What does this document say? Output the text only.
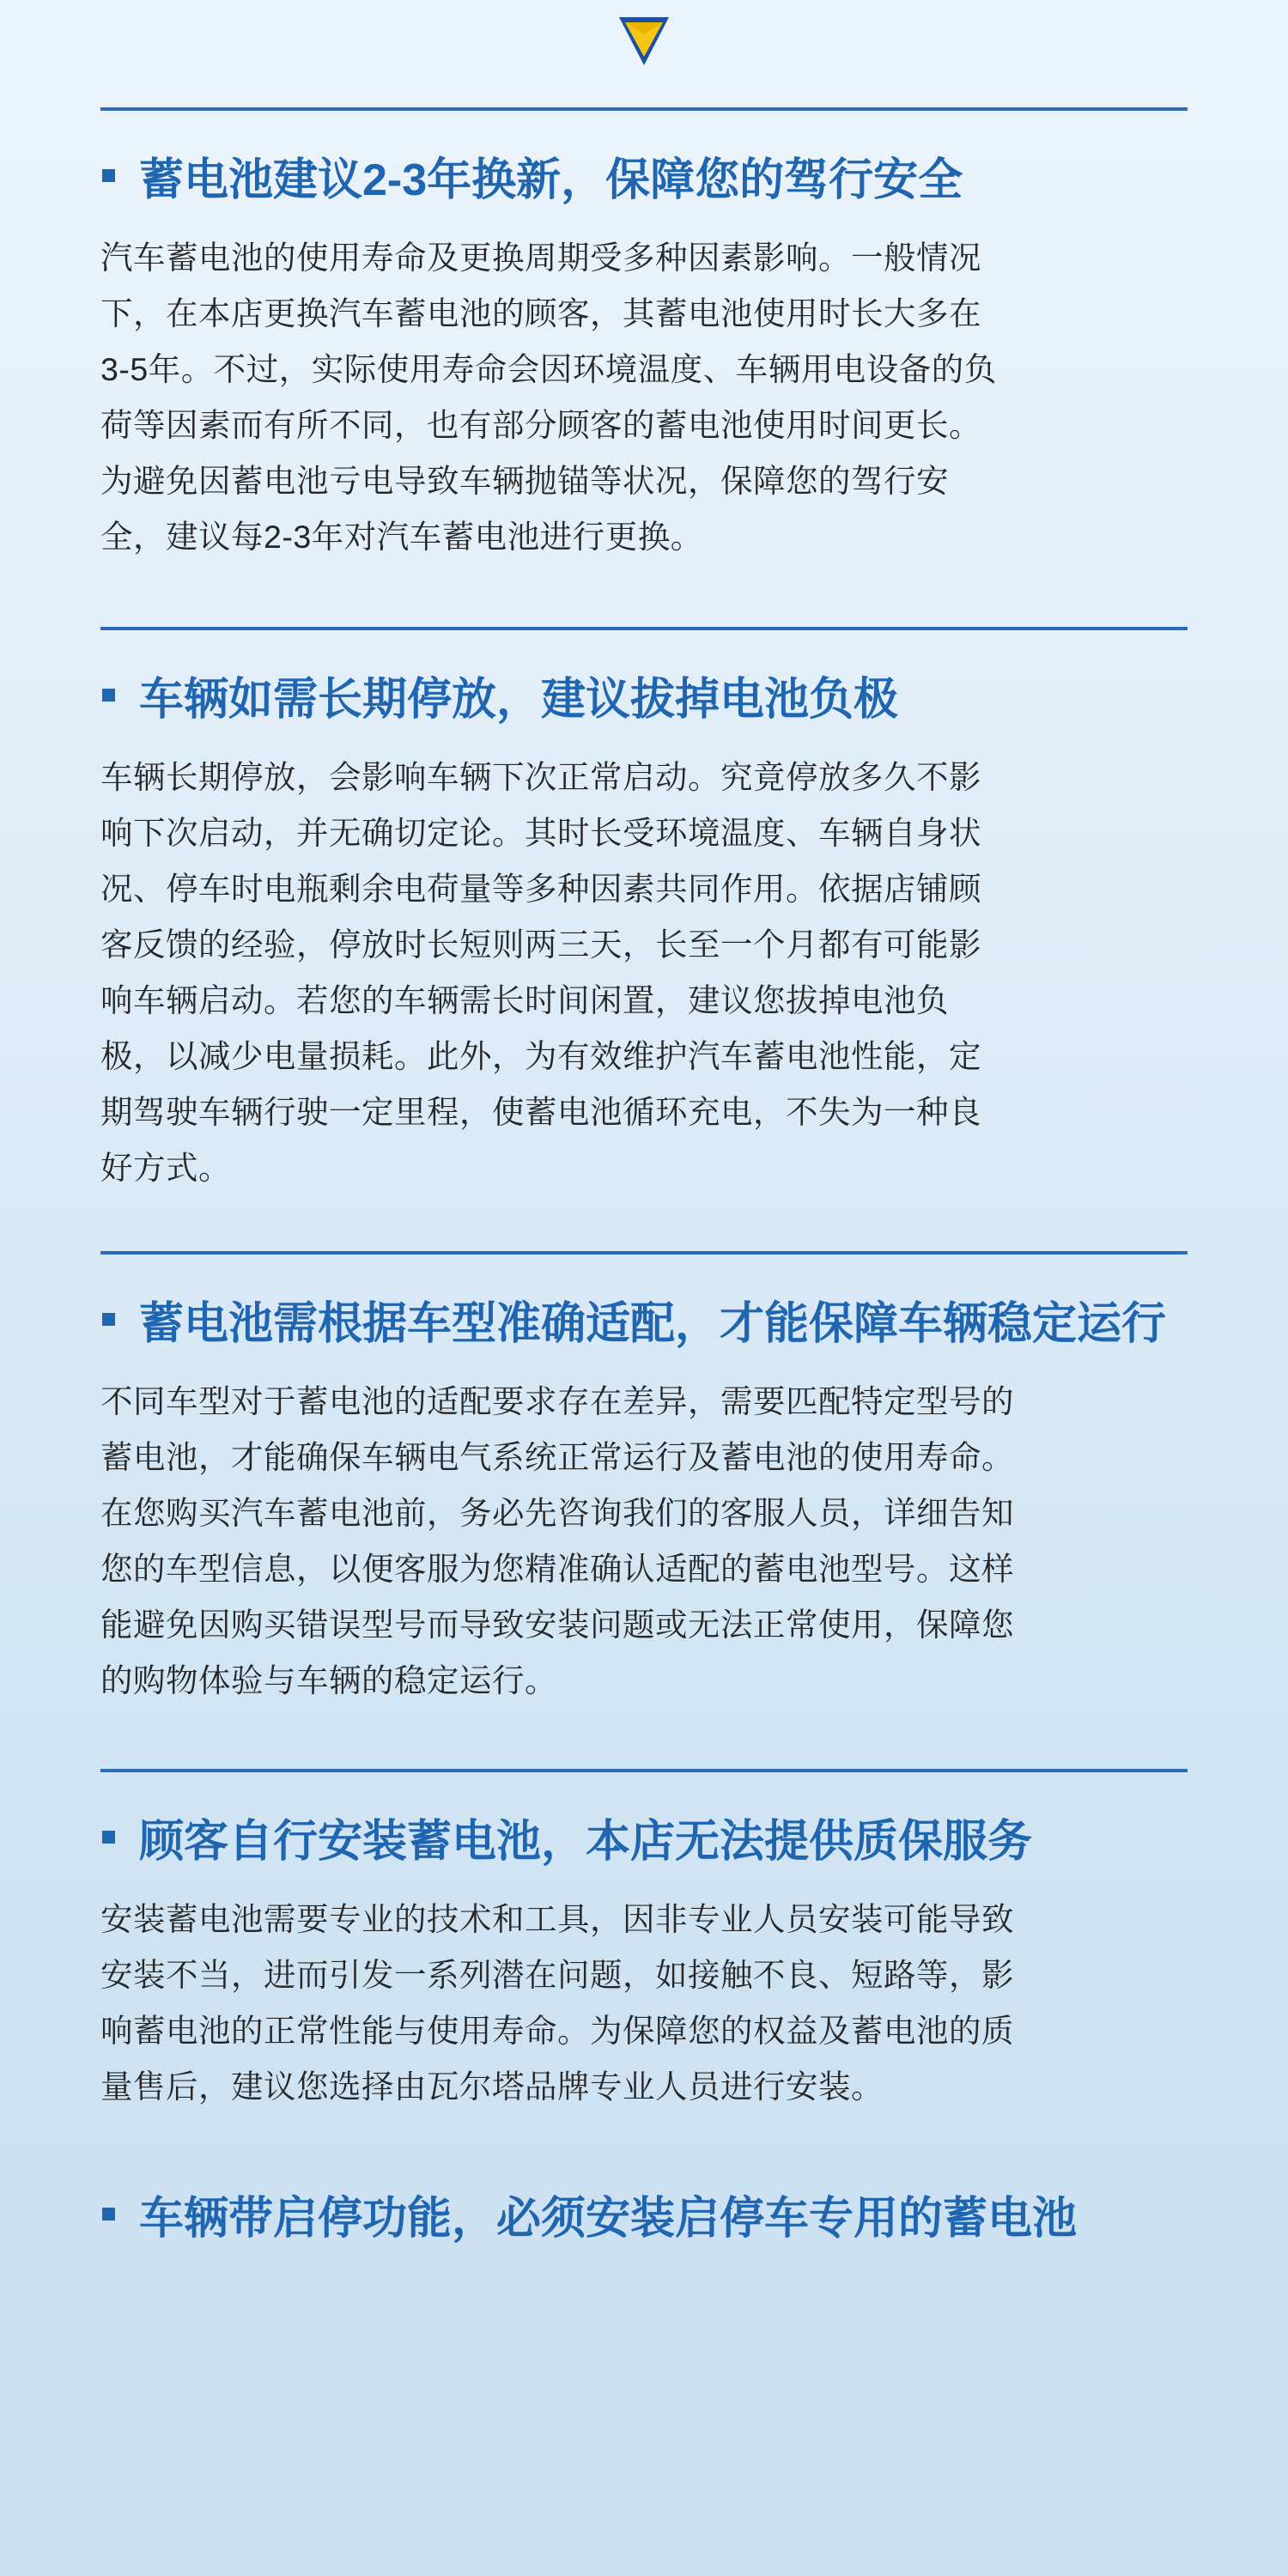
蓄电池建议2-3年换新，保障您的驾行安全
汽车蓄电池的使用寿命及更换周期受多种因素影响。一般情况
下，在本店更换汽车蓄电池的顾客，其蓄电池使用时长大多在
3-5年。不过，实际使用寿命会因环境温度、车辆用电设备的负
荷等因素而有所不同，也有部分顾客的蓄电池使用时间更长。
为避免因蓄电池亏电导致车辆抛锚等状况，保障您的驾行安
全，建议每2-3年对汽车蓄电池进行更换。
车辆如需长期停放，建议拔掉电池负极
车辆长期停放，会影响车辆下次正常启动。究竟停放多久不影
响下次启动，并无确切定论。其时长受环境温度、车辆自身状
况、停车时电瓶剩余电荷量等多种因素共同作用。依据店铺顾
客反馈的经验，停放时长短则两三天，长至一个月都有可能影
响车辆启动。若您的车辆需长时间闲置，建议您拔掉电池负
极，以减少电量损耗。此外，为有效维护汽车蓄电池性能，定
期驾驶车辆行驶一定里程，使蓄电池循环充电，不失为一种良
好方式。
蓄电池需根据车型准确适配，才能保障车辆稳定运行
不同车型对于蓄电池的适配要求存在差异，需要匹配特定型号的
蓄电池，才能确保车辆电气系统正常运行及蓄电池的使用寿命。
在您购买汽车蓄电池前，务必先咨询我们的客服人员，详细告知
您的车型信息，以便客服为您精准确认适配的蓄电池型号。这样
能避免因购买错误型号而导致安装问题或无法正常使用，保障您
的购物体验与车辆的稳定运行。
顾客自行安装蓄电池，本店无法提供质保服务
安装蓄电池需要专业的技术和工具，因非专业人员安装可能导致
安装不当，进而引发一系列潜在问题，如接触不良、短路等，影
响蓄电池的正常性能与使用寿命。为保障您的权益及蓄电池的质
量售后，建议您选择由瓦尔塔品牌专业人员进行安装。
车辆带启停功能，必须安装启停车专用的蓄电池
